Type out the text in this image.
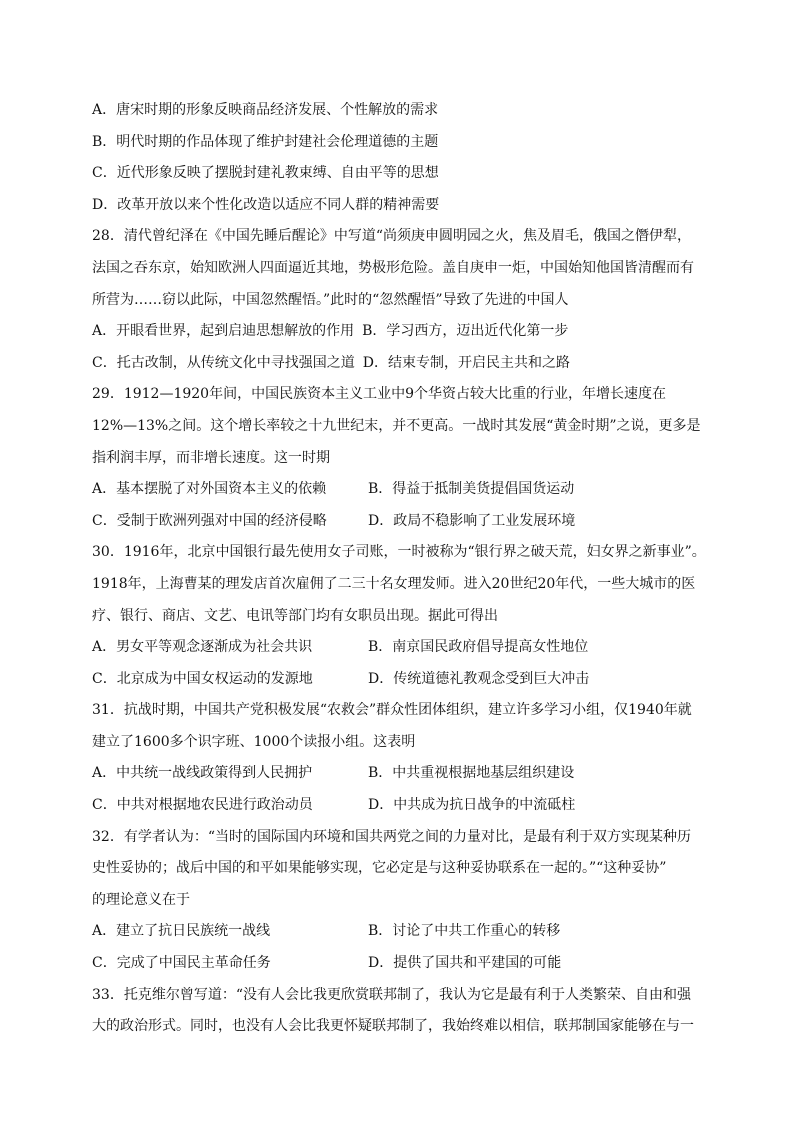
A．唐宋时期的形象反映商品经济发展、个性解放的需求
B．明代时期的作品体现了维护封建社会伦理道德的主题
C．近代形象反映了摆脱封建礼教束缚、自由平等的思想
D．改革开放以来个性化改造以适应不同人群的精神需要
28．清代曾纪泽在《中国先睡后醒论》中写道“尚须庚申圆明园之火，焦及眉毛，俄国之僭伊犁，
法国之吞东京，始知欧洲人四面逼近其地，势极形危险。盖自庚申一炬，中国始知他国皆清醒而有
所营为……窃以此际，中国忽然醒悟。”此时的“忽然醒悟”导致了先进的中国人
A．开眼看世界，起到启迪思想解放的作用 B．学习西方，迈出近代化第一步
C．托古改制，从传统文化中寻找强国之道 D．结束专制，开启民主共和之路
29．1912—1920年间，中国民族资本主义工业中9个华资占较大比重的行业，年增长速度在
12%—13%之间。这个增长率较之十九世纪末，并不更高。一战时其发展“黄金时期”之说，更多是
指利润丰厚，而非增长速度。这一时期
A．基本摆脱了对外国资本主义的依赖	B．得益于抵制美货提倡国货运动
C．受制于欧洲列强对中国的经济侵略	D．政局不稳影响了工业发展环境
30．1916年，北京中国银行最先使用女子司账，一时被称为“银行界之破天荒，妇女界之新事业”。
1918年，上海曹某的理发店首次雇佣了二三十名女理发师。进入20世纪20年代，一些大城市的医
疗、银行、商店、文艺、电讯等部门均有女职员出现。据此可得出
A．男女平等观念逐渐成为社会共识	B．南京国民政府倡导提高女性地位
C．北京成为中国女权运动的发源地	D．传统道德礼教观念受到巨大冲击
31．抗战时期，中国共产党积极发展“农救会”群众性团体组织，建立许多学习小组，仅1940年就
建立了1600多个识字班、1000个读报小组。这表明
A．中共统一战线政策得到人民拥护	B．中共重视根据地基层组织建设
C．中共对根据地农民进行政治动员	D．中共成为抗日战争的中流砥柱
32．有学者认为：“当时的国际国内环境和国共两党之间的力量对比，是最有利于双方实现某种历
史性妥协的；战后中国的和平如果能够实现，它必定是与这种妥协联系在一起的。”“这种妥协”
的理论意义在于
A．建立了抗日民族统一战线	B．讨论了中共工作重心的转移
C．完成了中国民主革命任务	D．提供了国共和平建国的可能
33．托克维尔曾写道：“没有人会比我更欣赏联邦制了，我认为它是最有利于人类繁荣、自由和强
大的政治形式。同时，也没有人会比我更怀疑联邦制了，我始终难以相信，联邦制国家能够在与一
